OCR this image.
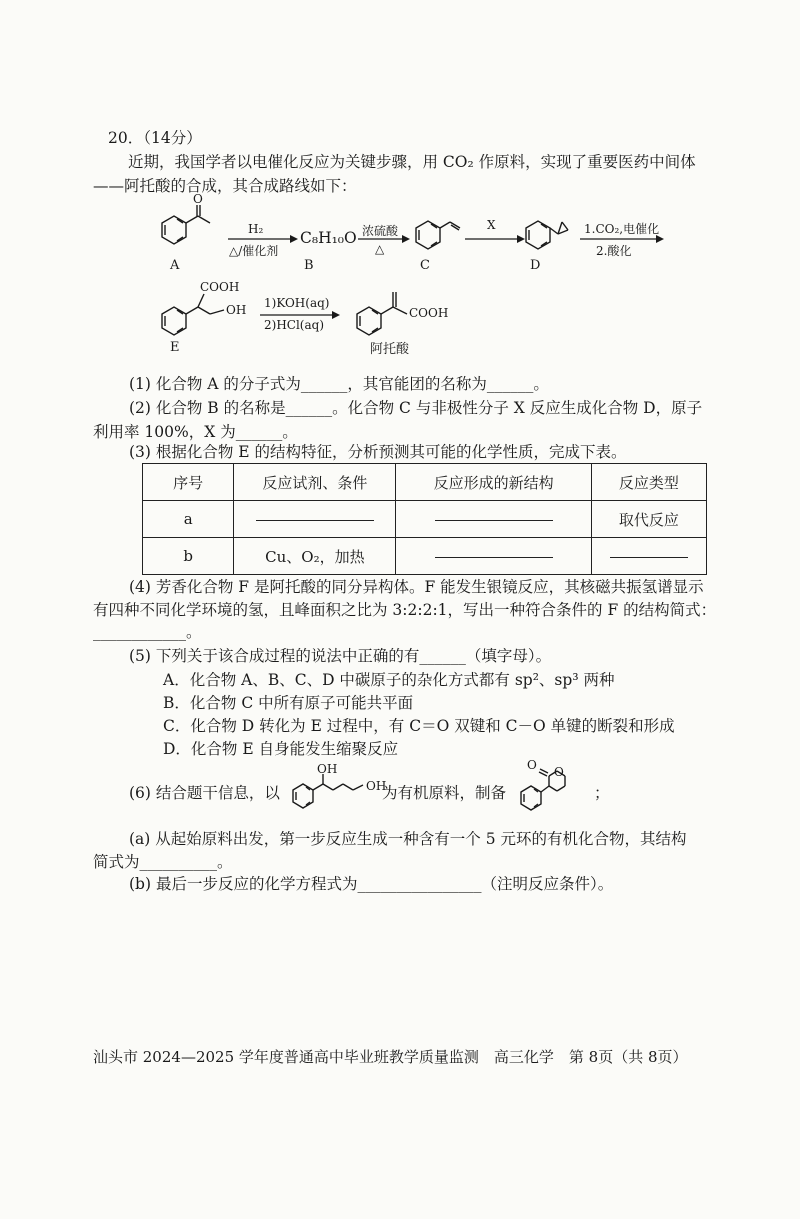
20．（14分）
近期，我国学者以电催化反应为关键步骤，用 CO₂ 作原料，实现了重要医药中间体
——阿托酸的合成，其合成路线如下：
O
A
H₂
△/催化剂
C₈H₁₀O
B
浓硫酸
△
C
X
D
1.CO₂,电催化
2.酸化
COOH
OH
E
1)KOH(aq)
2)HCl(aq)
COOH
阿托酸
(1) 化合物 A 的分子式为______，其官能团的名称为______。
(2) 化合物 B 的名称是______。化合物 C 与非极性分子 X 反应生成化合物 D，原子
利用率 100%，X 为______。
(3) 根据化合物 E 的结构特征，分析预测其可能的化学性质，完成下表。
序号	反应试剂、条件	反应形成的新结构	反应类型
a			取代反应
b	Cu、O₂，加热		
(4) 芳香化合物 F 是阿托酸的同分异构体。F 能发生银镜反应，其核磁共振氢谱显示
有四种不同化学环境的氢，且峰面积之比为 3:2:2:1，写出一种符合条件的 F 的结构简式：
____________。
(5) 下列关于该合成过程的说法中正确的有______（填字母）。
A．化合物 A、B、C、D 中碳原子的杂化方式都有 sp²、sp³ 两种
B．化合物 C 中所有原子可能共平面
C．化合物 D 转化为 E 过程中，有 C＝O 双键和 C－O 单键的断裂和形成
D．化合物 E 自身能发生缩聚反应
(6) 结合题干信息，以
OH
OH
为有机原料，制备
O O
；
(a) 从起始原料出发，第一步反应生成一种含有一个 5 元环的有机化合物，其结构
简式为__________。
(b) 最后一步反应的化学方程式为________________（注明反应条件）。
汕头市 2024—2025 学年度普通高中毕业班教学质量监测　高三化学　第 8页（共 8页）
